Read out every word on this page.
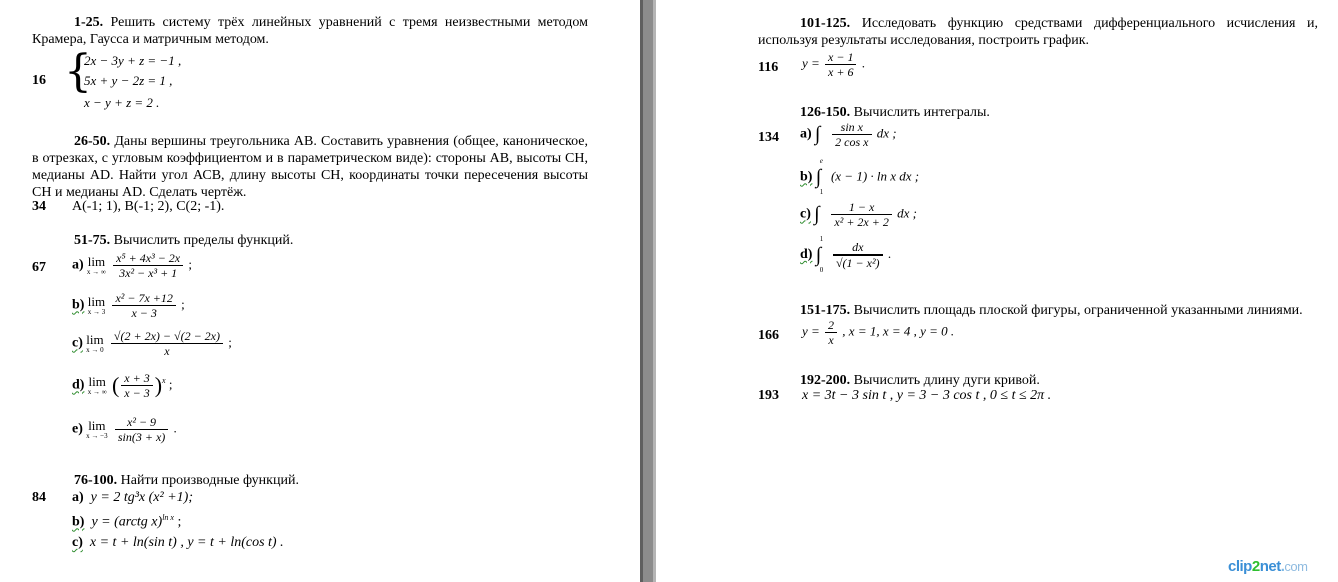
1-25. Решить систему трёх линейных уравнений с тремя неизвестными методом Крамера, Гаусса и матричным методом.
16 {
2x − 3y + z = −1 ,
5x + y − 2z = 1 ,
x − y + z = 2 .
26-50. Даны вершины треугольника АВ. Составить уравнения (общее, каноническое, в отрезках, с угловым коэффициентом и в параметрическом виде): стороны АВ, высоты СН, медианы AD. Найти угол АСВ, длину высоты СН, координаты точки пересечения высоты СН и медианы AD. Сделать чертёж.
34 А(-1; 1), В(-1; 2), С(2; -1).
51-75. Вычислить пределы функций.
67 а) lim
x → ∞
$\frac{\text{x⁵ + 4x³ − 2x}}{\text{3x² − x³ + 1}}$ ;
b) lim
x → 3
$\frac{\text{x² − 7x +12}}{x - 3}$ ;
c) lim
x → 0
$\frac{√(2 + 2x) - √(2 - 2x)}{x}$ ;
d) lim
x → ∞ ( $\frac{x + 3}{x - 3} )^x$ ;
e) lim
x → −3
$\frac{\text{x² − 9}}{\sin(3 + x)}$ .
76-100. Найти производные функций.
84 а) y = 2 tg³x (x² +1);
b) y = (arctg x)$^{ln x}$ ;
c) x = t + ln(sin t) , y = t + ln(cos t) .
101-125. Исследовать функцию средствами дифференциального исчисления и, используя результаты исследования, построить график.
116 $y = \frac{x - 1}{x + 6}$ .
126-150. Вычислить интегралы.
134 а) ∫ $\frac{\text{sin x}}{\text{2 cos x}}$ dx ;
b) ∫
e
1
(x − 1) · ln x dx ;
c) ∫ $\frac{1 - x}{\text{x² + 2x + 2}}$ dx ;
d) ∫
1
0
$\frac{dx}{\text{√(1 − x²)}}$ .
151-175. Вычислить площадь плоской фигуры, ограниченной указанными линиями.
166 $y = \frac{2}{x}$ , x = 1, x = 4 , y = 0 .
192-200. Вычислить длину дуги кривой.
193 x = 3t − 3 sin t , y = 3 − 3 cos t , 0 ≤ t ≤ 2π .
clip2net.com
